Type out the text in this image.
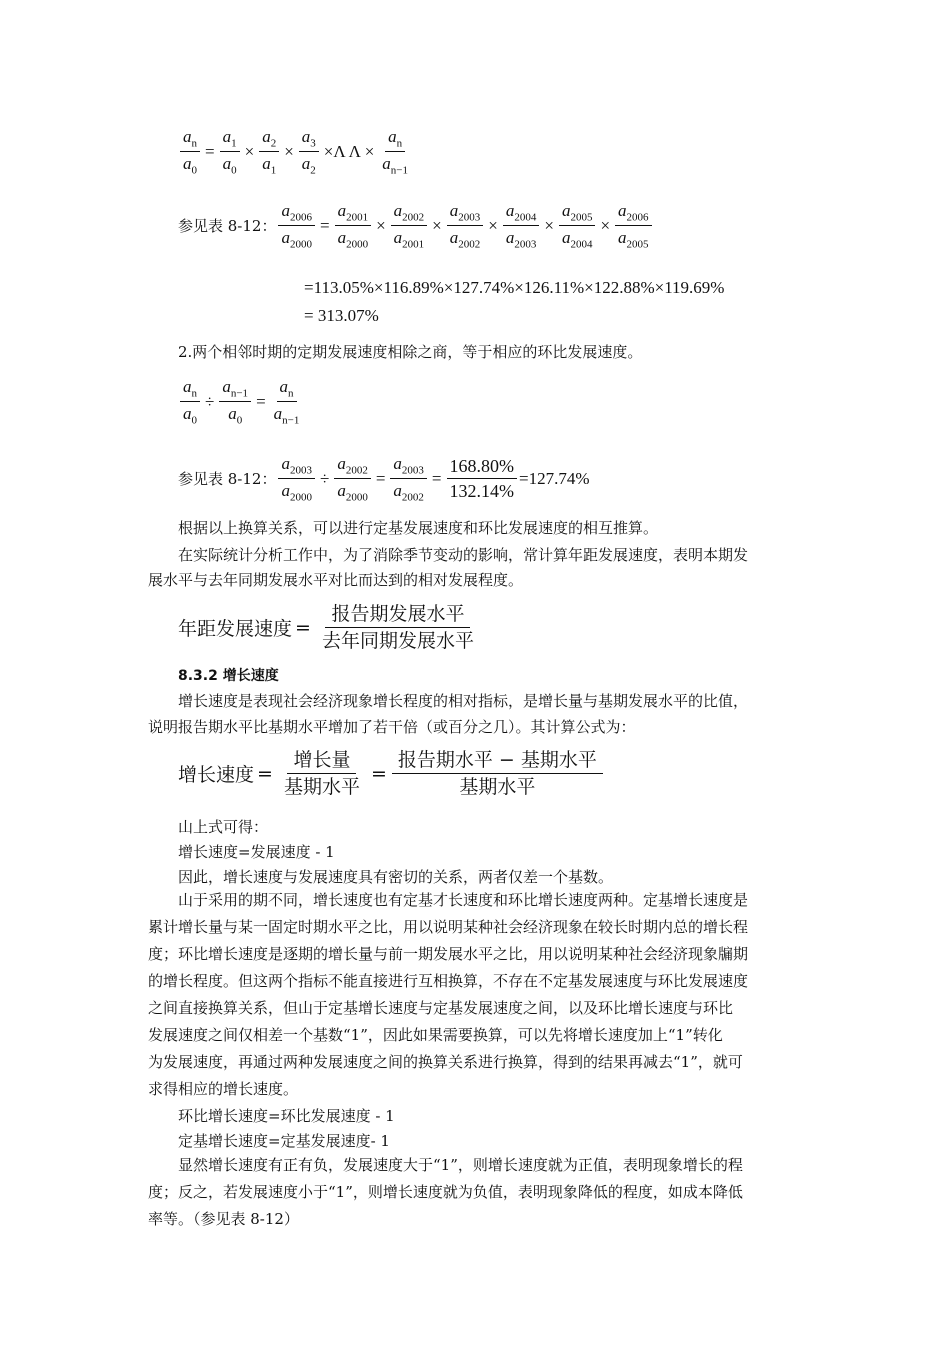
$\frac{a_n}{a_0} = \frac{a_1}{a_0} \times \frac{a_2}{a_1} \times \frac{a_3}{a_2} \times\Lambda$ $\Lambda \times \frac{a_n}{a_{n-1}}$
参见表 8-12： $\frac{a_{2006}}{a_{2000}} = \frac{a_{2001}}{a_{2000}} \times \frac{a_{2002}}{a_{2001}} \times \frac{a_{2003}}{a_{2002}} \times \frac{a_{2004}}{a_{2003}} \times \frac{a_{2005}}{a_{2004}} \times \frac{a_{2006}}{a_{2005}}$
=113.05%×116.89%×127.74%×126.11%×122.88%×119.69%
= 313.07%
2.两个相邻时期的定期发展速度相除之商，等于相应的环比发展速度。
$\frac{a_n}{a_0} \div \frac{a_{n-1}}{a_0} = \frac{a_n}{a_{n-1}}$
参见表 8-12： $\frac{a_{2003}}{a_{2000}} \div \frac{a_{2002}}{a_{2000}} = \frac{a_{2003}}{a_{2002}} = \frac{168.80\%}{132.14\%} =127.74\%$
根据以上换算关系，可以进行定基发展速度和环比发展速度的相互推算。
在实际统计分析工作中，为了消除季节变动的影响，常计算年距发展速度，表明本期发
展水平与去年同期发展水平对比而达到的相对发展程度。
年距发展速度 = $\frac{\text{报告期发展水平}}{\text{去年同期发展水平}}$
8.3.2 增长速度
增长速度是表现社会经济现象增长程度的相对指标，是增长量与基期发展水平的比值，
说明报告期水平比基期水平增加了若干倍（或百分之几）。其计算公式为：
增长速度 = $\frac{\text{增长量}}{\text{基期水平}} = \frac{\text{报告期水平 − 基期水平}}{\text{基期水平}}$
山上式可得：
增长速度=发展速度 - 1
因此，增长速度与发展速度具有密切的关系，两者仅差一个基数。
山于采用的期不同，增长速度也有定基才长速度和环比增长速度两种。定基增长速度是
累计增长量与某一固定时期水平之比，用以说明某种社会经济现象在较长时期内总的增长程
度；环比增长速度是逐期的增长量与前一期发展水平之比，用以说明某种社会经济现象牖期
的增长程度。但这两个指标不能直接进行互相换算，不存在不定基发展速度与环比发展速度
之间直接换算关系，但山于定基增长速度与定基发展速度之间，以及环比增长速度与环比
发展速度之间仅相差一个基数“1”，因此如果需要换算，可以先将增长速度加上“1”转化
为发展速度，再通过两种发展速度之间的换算关系进行换算，得到的结果再减去“1”，就可
求得相应的增长速度。
环比增长速度=环比发展速度 - 1
定基增长速度=定基发展速度- 1
显然增长速度有正有负，发展速度大于“1”，则增长速度就为正值，表明现象增长的程
度；反之，若发展速度小于“1”，则增长速度就为负值，表明现象降低的程度，如成本降低
率等。（参见表 8-12）
